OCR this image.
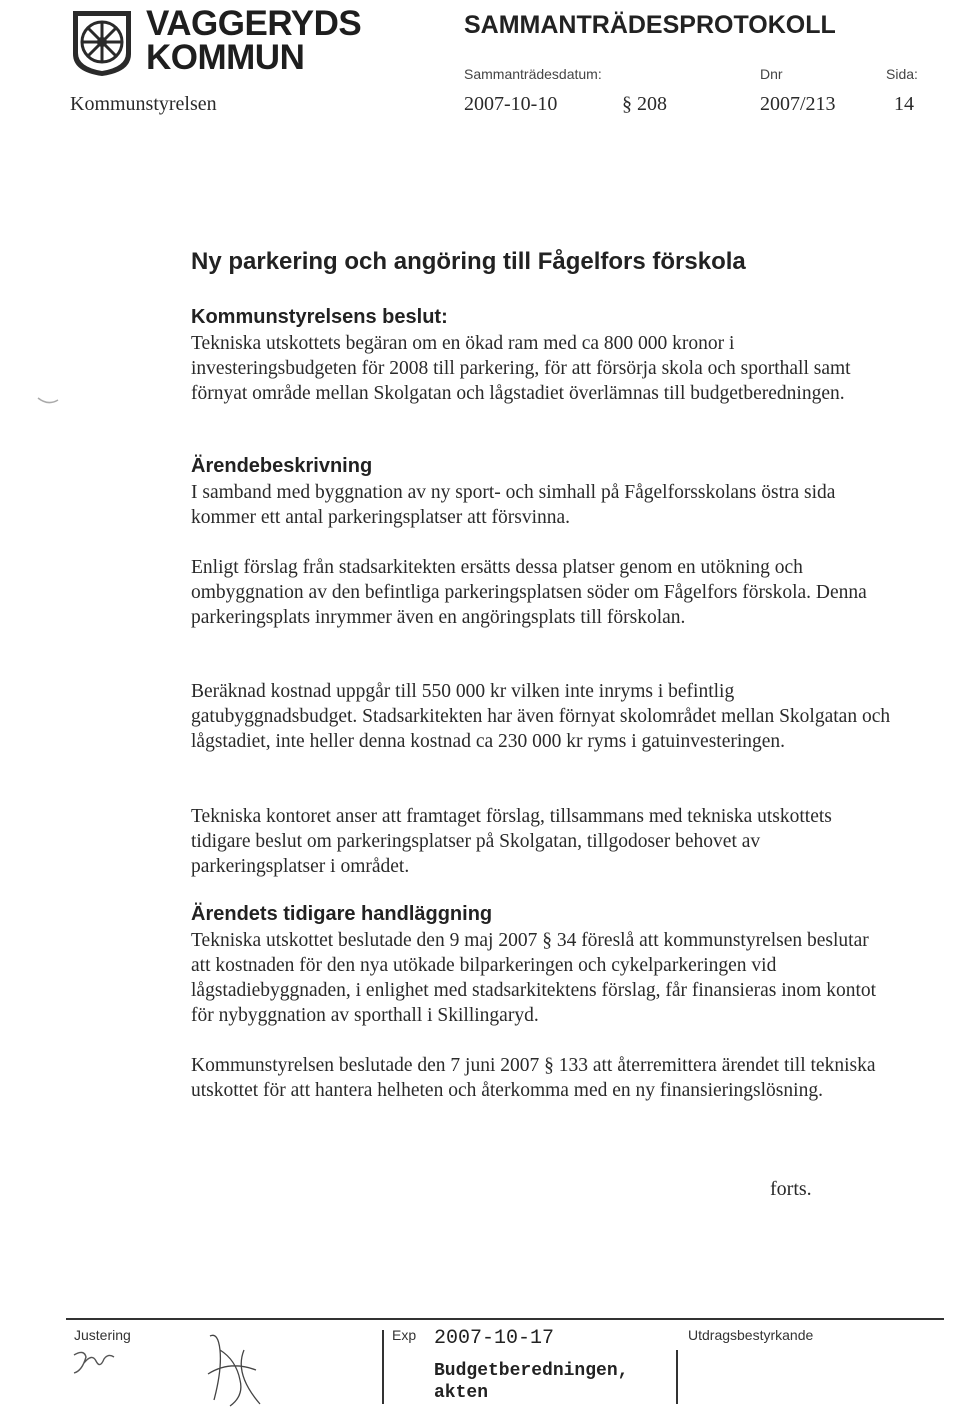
VAGGERYDS
KOMMUN
SAMMANTRÄDESPROTOKOLL
Sammanträdesdatum:	Dnr	Sida:
Kommunstyrelsen	2007-10-10	§ 208	2007/213	14
Ny parkering och angöring till Fågelfors förskola
Kommunstyrelsens beslut:

Tekniska utskottets begäran om en ökad ram med ca 800 000 kronor i investeringsbudgeten för 2008 till parkering, för att försörja skola och sporthall samt förnyat område mellan Skolgatan och lågstadiet överlämnas till budgetberedningen.

Ärendebeskrivning

I samband med byggnation av ny sport- och simhall på Fågelforsskolans östra sida kommer ett antal parkeringsplatser att försvinna.

Enligt förslag från stadsarkitekten ersätts dessa platser genom en utökning och ombyggnation av den befintliga parkeringsplatsen söder om Fågelfors förskola. Denna parkeringsplats inrymmer även en angöringsplats till förskolan.

Beräknad kostnad uppgår till 550 000 kr vilken inte inryms i befintlig gatubyggnadsbudget. Stadsarkitekten har även förnyat skolområdet mellan Skolgatan och lågstadiet, inte heller denna kostnad ca 230 000 kr ryms i gatuinvesteringen.

Tekniska kontoret anser att framtaget förslag, tillsammans med tekniska utskottets tidigare beslut om parkeringsplatser på Skolgatan, tillgodoser behovet av parkeringsplatser i området.

Ärendets tidigare handläggning

Tekniska utskottet beslutade den 9 maj 2007 § 34 föreslå att kommunstyrelsen beslutar att kostnaden för den nya utökade bilparkeringen och cykelparkeringen vid lågstadiebyggnaden, i enlighet med stadsarkitektens förslag, får finansieras inom kontot för nybyggnation av sporthall i Skillingaryd.

Kommunstyrelsen beslutade den 7 juni 2007 § 133 att återremittera ärendet till tekniska utskottet för att hantera helheten och återkomma med en ny finansieringslösning.

forts.
Justering	Exp 2007-10-17
Budgetberedningen,
akten
Utdragsbestyrkande
